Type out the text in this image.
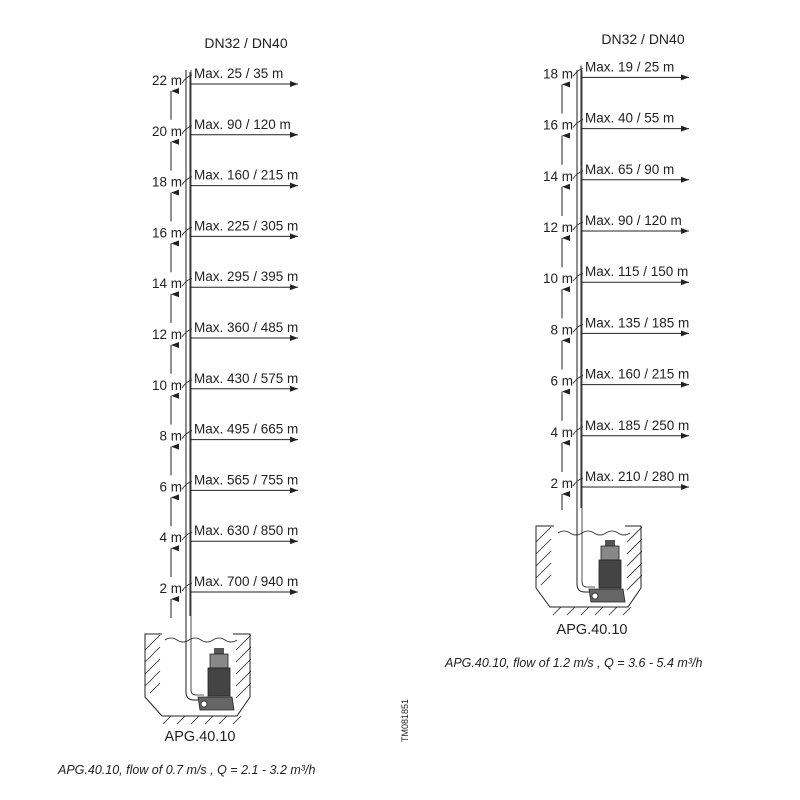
DN32 / DN40
22 m Max. 25 / 35 m
20 m Max. 90 / 120 m
18 m Max. 160 / 215 m
16 m Max. 225 / 305 m
14 m Max. 295 / 395 m
12 m Max. 360 / 485 m
10 m Max. 430 / 575 m
8 m Max. 495 / 665 m
6 m Max. 565 / 755 m
4 m Max. 630 / 850 m
2 m Max. 700 / 940 m
APG.40.10
APG.40.10, flow of 0.7 m/s , Q = 2.1 - 3.2 m³/h
DN32 / DN40
18 m Max. 19 / 25 m
16 m Max. 40 / 55 m
14 m Max. 65 / 90 m
12 m Max. 90 / 120 m
10 m Max. 115 / 150 m
8 m Max. 135 / 185 m
6 m Max. 160 / 215 m
4 m Max. 185 / 250 m
2 m Max. 210 / 280 m
APG.40.10
APG.40.10, flow of 1.2 m/s , Q = 3.6 - 5.4 m³/h
TM081851
